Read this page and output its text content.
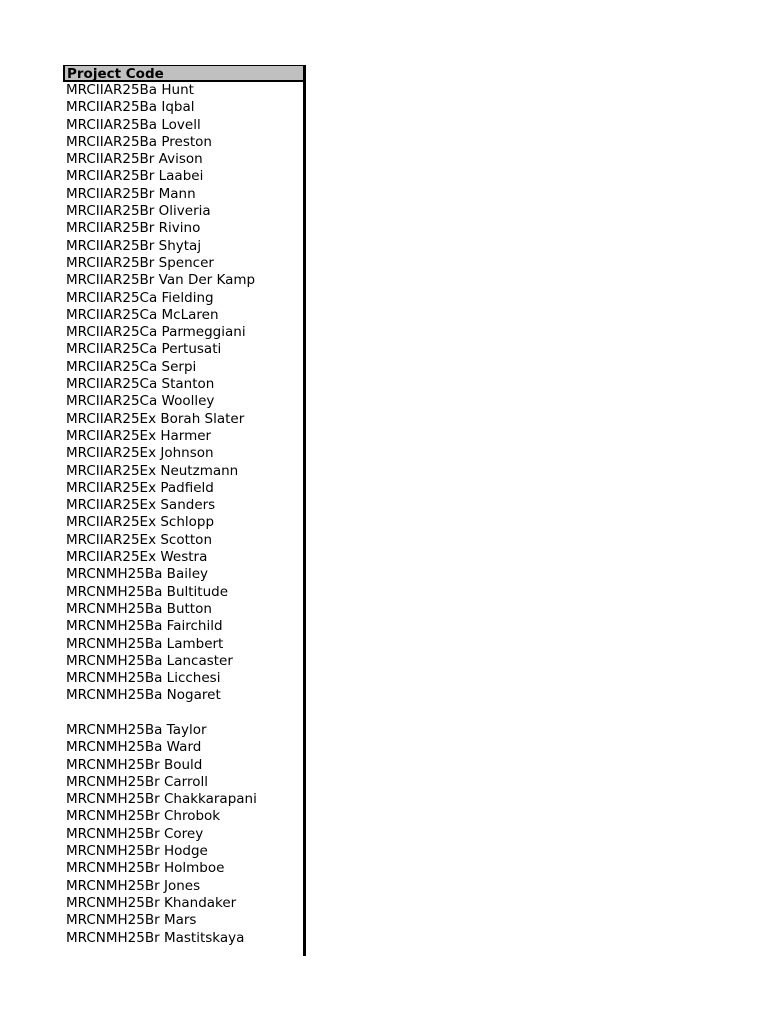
Project Code
MRCIIAR25Ba Hunt
MRCIIAR25Ba Iqbal
MRCIIAR25Ba Lovell
MRCIIAR25Ba Preston
MRCIIAR25Br Avison
MRCIIAR25Br Laabei
MRCIIAR25Br Mann
MRCIIAR25Br Oliveria
MRCIIAR25Br Rivino
MRCIIAR25Br Shytaj
MRCIIAR25Br Spencer
MRCIIAR25Br Van Der Kamp
MRCIIAR25Ca Fielding
MRCIIAR25Ca McLaren
MRCIIAR25Ca Parmeggiani
MRCIIAR25Ca Pertusati
MRCIIAR25Ca Serpi
MRCIIAR25Ca Stanton
MRCIIAR25Ca Woolley
MRCIIAR25Ex Borah Slater
MRCIIAR25Ex Harmer
MRCIIAR25Ex Johnson
MRCIIAR25Ex Neutzmann
MRCIIAR25Ex Padfield
MRCIIAR25Ex Sanders
MRCIIAR25Ex Schlopp
MRCIIAR25Ex Scotton
MRCIIAR25Ex Westra
MRCNMH25Ba Bailey
MRCNMH25Ba Bultitude
MRCNMH25Ba Button
MRCNMH25Ba Fairchild
MRCNMH25Ba Lambert
MRCNMH25Ba Lancaster
MRCNMH25Ba Licchesi
MRCNMH25Ba Nogaret
MRCNMH25Ba Taylor
MRCNMH25Ba Ward
MRCNMH25Br Bould
MRCNMH25Br Carroll
MRCNMH25Br Chakkarapani
MRCNMH25Br Chrobok
MRCNMH25Br Corey
MRCNMH25Br Hodge
MRCNMH25Br Holmboe
MRCNMH25Br Jones
MRCNMH25Br Khandaker
MRCNMH25Br Mars
MRCNMH25Br Mastitskaya
